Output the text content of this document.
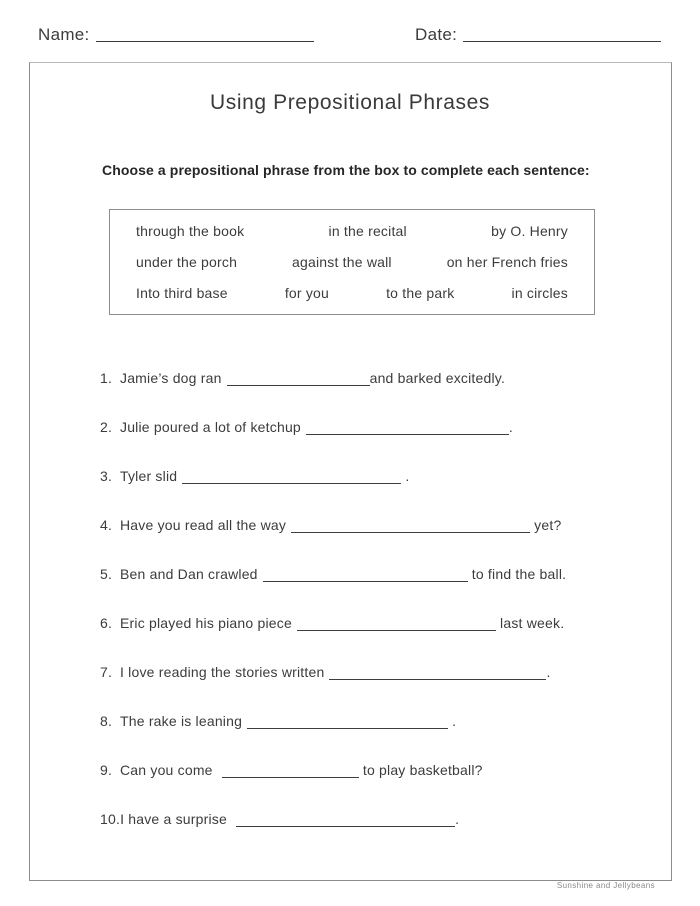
Name:	Date:
Using Prepositional Phrases
Choose a prepositional phrase from the box to complete each sentence:
through the book	in the recital	by O. Henry
under the porch	against the wall	on her French fries
Into third base	for you	to the park	in circles
1. Jamie’s dog ran	and barked excitedly.
2. Julie poured a lot of ketchup	.
3. Tyler slid	.
4. Have you read all the way	yet?
5. Ben and Dan crawled	to find the ball.
6. Eric played his piano piece	last week.
7. I love reading the stories written	.
8. The rake is leaning	.
9. Can you come	to play basketball?
10.I have a surprise	.
Sunshine and Jellybeans
